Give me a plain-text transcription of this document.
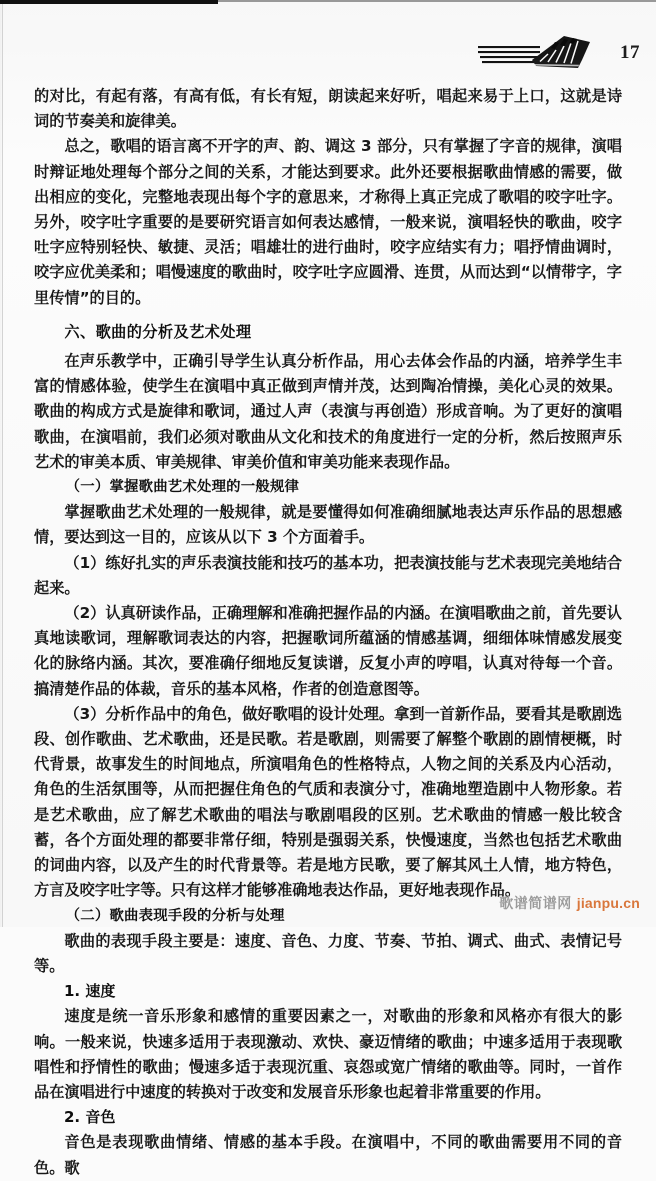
17

的对比，有起有落，有高有低，有长有短，朗读起来好听，唱起来易于上口，这就是诗词的节奏美和旋律美。

总之，歌唱的语言离不开字的声、韵、调这 3 部分，只有掌握了字音的规律，演唱时辩证地处理每个部分之间的关系，才能达到要求。此外还要根据歌曲情感的需要，做出相应的变化，完整地表现出每个字的意思来，才称得上真正完成了歌唱的咬字吐字。另外，咬字吐字重要的是要研究语言如何表达感情，一般来说，演唱轻快的歌曲，咬字吐字应特别轻快、敏捷、灵活；唱雄壮的进行曲时，咬字应结实有力；唱抒情曲调时，咬字应优美柔和；唱慢速度的歌曲时，咬字吐字应圆滑、连贯，从而达到“以情带字，字里传情”的目的。

六、歌曲的分析及艺术处理

在声乐教学中，正确引导学生认真分析作品，用心去体会作品的内涵，培养学生丰富的情感体验，使学生在演唱中真正做到声情并茂，达到陶冶情操，美化心灵的效果。歌曲的构成方式是旋律和歌词，通过人声（表演与再创造）形成音响。为了更好的演唱歌曲，在演唱前，我们必须对歌曲从文化和技术的角度进行一定的分析，然后按照声乐艺术的审美本质、审美规律、审美价值和审美功能来表现作品。

（一）掌握歌曲艺术处理的一般规律

掌握歌曲艺术处理的一般规律，就是要懂得如何准确细腻地表达声乐作品的思想感情，要达到这一目的，应该从以下 3 个方面着手。

（1）练好扎实的声乐表演技能和技巧的基本功，把表演技能与艺术表现完美地结合起来。

（2）认真研读作品，正确理解和准确把握作品的内涵。在演唱歌曲之前，首先要认真地读歌词，理解歌词表达的内容，把握歌词所蕴涵的情感基调，细细体味情感发展变化的脉络内涵。其次，要准确仔细地反复读谱，反复小声的哼唱，认真对待每一个音。搞清楚作品的体裁，音乐的基本风格，作者的创造意图等。

（3）分析作品中的角色，做好歌唱的设计处理。拿到一首新作品，要看其是歌剧选段、创作歌曲、艺术歌曲，还是民歌。若是歌剧，则需要了解整个歌剧的剧情梗概，时代背景，故事发生的时间地点，所演唱角色的性格特点，人物之间的关系及内心活动，角色的生活氛围等，从而把握住角色的气质和表演分寸，准确地塑造剧中人物形象。若是艺术歌曲，应了解艺术歌曲的唱法与歌剧唱段的区别。艺术歌曲的情感一般比较含蓄，各个方面处理的都要非常仔细，特别是强弱关系，快慢速度，当然也包括艺术歌曲的词曲内容，以及产生的时代背景等。若是地方民歌，要了解其风土人情，地方特色，方言及咬字吐字等。只有这样才能够准确地表达作品，更好地表现作品。

（二）歌曲表现手段的分析与处理

歌曲的表现手段主要是：速度、音色、力度、节奏、节拍、调式、曲式、表情记号等。

1. 速度

速度是统一音乐形象和感情的重要因素之一，对歌曲的形象和风格亦有很大的影响。一般来说，快速多适用于表现激动、欢快、豪迈情绪的歌曲；中速多适用于表现歌唱性和抒情性的歌曲；慢速多适于表现沉重、哀怨或宽广情绪的歌曲等。同时，一首作品在演唱进行中速度的转换对于改变和发展音乐形象也起着非常重要的作用。

2. 音色

音色是表现歌曲情绪、情感的基本手段。在演唱中，不同的歌曲需要用不同的音色。歌

歌谱简谱网 jianpu.cn
